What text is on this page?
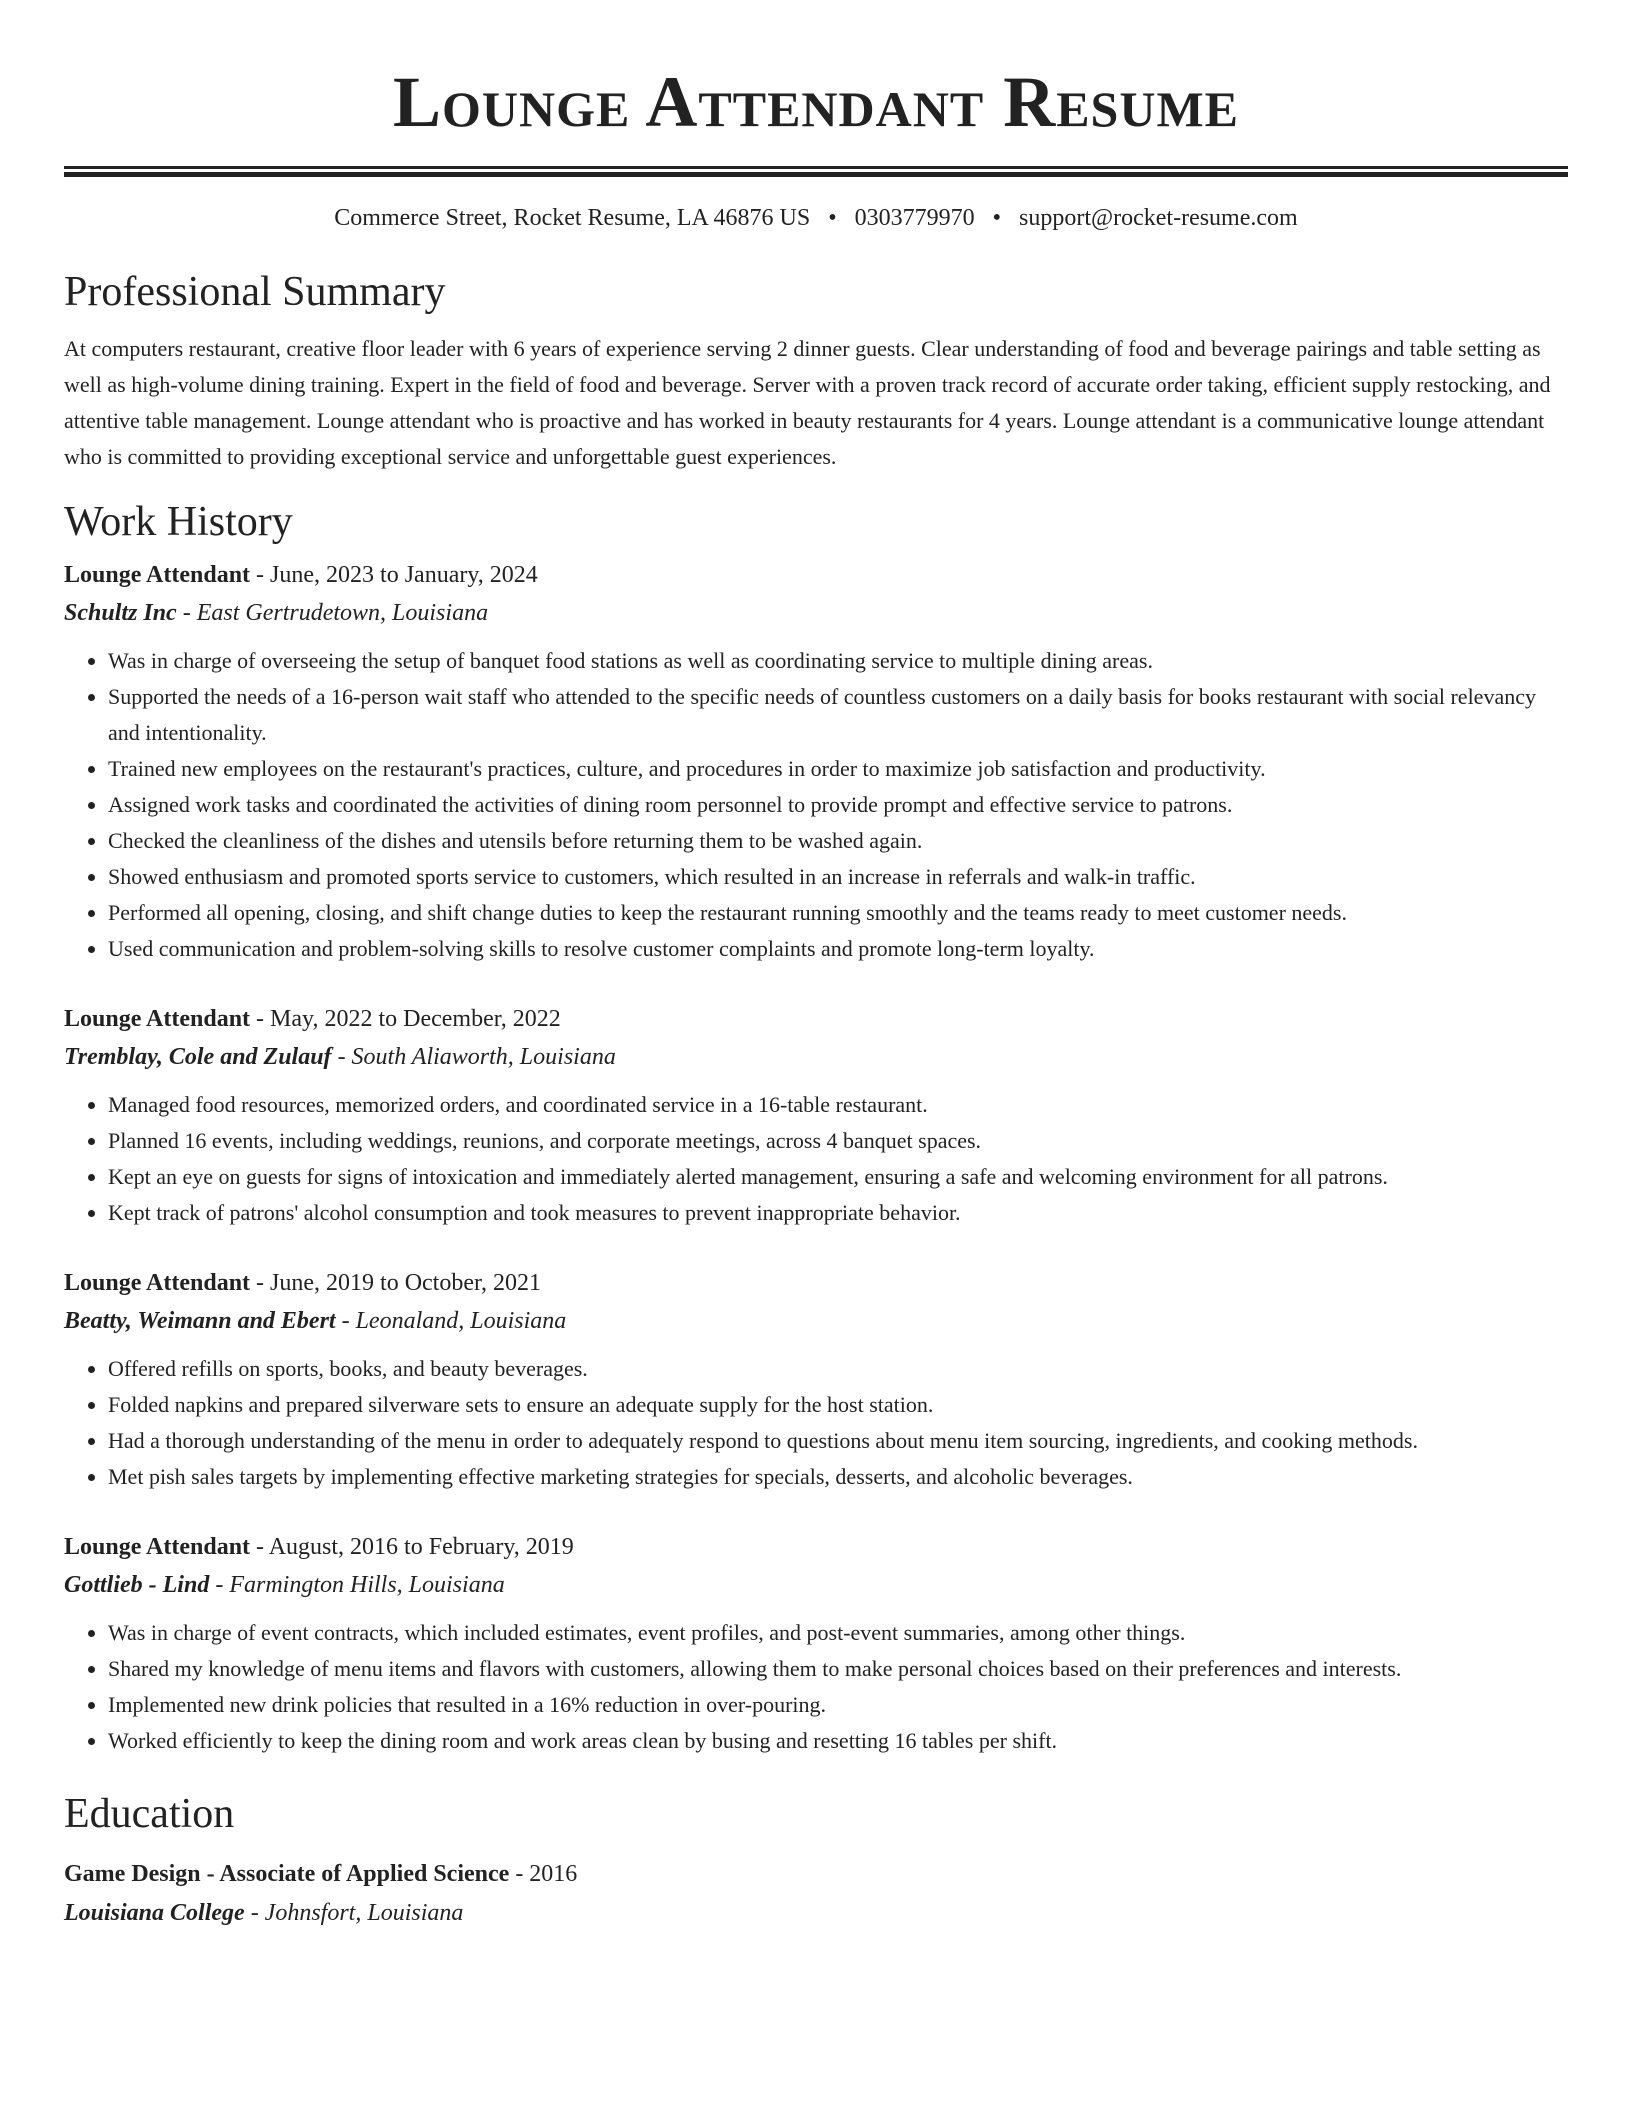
Lounge Attendant Resume
Commerce Street, Rocket Resume, LA 46876 US • 0303779970 • support@rocket-resume.com
Professional Summary

At computers restaurant, creative floor leader with 6 years of experience serving 2 dinner guests. Clear understanding of food and beverage pairings and table setting as well as high-volume dining training. Expert in the field of food and beverage. Server with a proven track record of accurate order taking, efficient supply restocking, and attentive table management. Lounge attendant who is proactive and has worked in beauty restaurants for 4 years. Lounge attendant is a communicative lounge attendant who is committed to providing exceptional service and unforgettable guest experiences.

Work History
Lounge Attendant - June, 2023 to January, 2024
Schultz Inc - East Gertrudetown, Louisiana
• Was in charge of overseeing the setup of banquet food stations as well as coordinating service to multiple dining areas.
• Supported the needs of a 16-person wait staff who attended to the specific needs of countless customers on a daily basis for books restaurant with social relevancy and intentionality.
• Trained new employees on the restaurant's practices, culture, and procedures in order to maximize job satisfaction and productivity.
• Assigned work tasks and coordinated the activities of dining room personnel to provide prompt and effective service to patrons.
• Checked the cleanliness of the dishes and utensils before returning them to be washed again.
• Showed enthusiasm and promoted sports service to customers, which resulted in an increase in referrals and walk-in traffic.
• Performed all opening, closing, and shift change duties to keep the restaurant running smoothly and the teams ready to meet customer needs.
• Used communication and problem-solving skills to resolve customer complaints and promote long-term loyalty.
Lounge Attendant - May, 2022 to December, 2022
Tremblay, Cole and Zulauf - South Aliaworth, Louisiana
• Managed food resources, memorized orders, and coordinated service in a 16-table restaurant.
• Planned 16 events, including weddings, reunions, and corporate meetings, across 4 banquet spaces.
• Kept an eye on guests for signs of intoxication and immediately alerted management, ensuring a safe and welcoming environment for all patrons.
• Kept track of patrons' alcohol consumption and took measures to prevent inappropriate behavior.
Lounge Attendant - June, 2019 to October, 2021
Beatty, Weimann and Ebert - Leonaland, Louisiana
• Offered refills on sports, books, and beauty beverages.
• Folded napkins and prepared silverware sets to ensure an adequate supply for the host station.
• Had a thorough understanding of the menu in order to adequately respond to questions about menu item sourcing, ingredients, and cooking methods.
• Met pish sales targets by implementing effective marketing strategies for specials, desserts, and alcoholic beverages.
Lounge Attendant - August, 2016 to February, 2019
Gottlieb - Lind - Farmington Hills, Louisiana
• Was in charge of event contracts, which included estimates, event profiles, and post-event summaries, among other things.
• Shared my knowledge of menu items and flavors with customers, allowing them to make personal choices based on their preferences and interests.
• Implemented new drink policies that resulted in a 16% reduction in over-pouring.
• Worked efficiently to keep the dining room and work areas clean by busing and resetting 16 tables per shift.
Education
Game Design - Associate of Applied Science - 2016
Louisiana College - Johnsfort, Louisiana
